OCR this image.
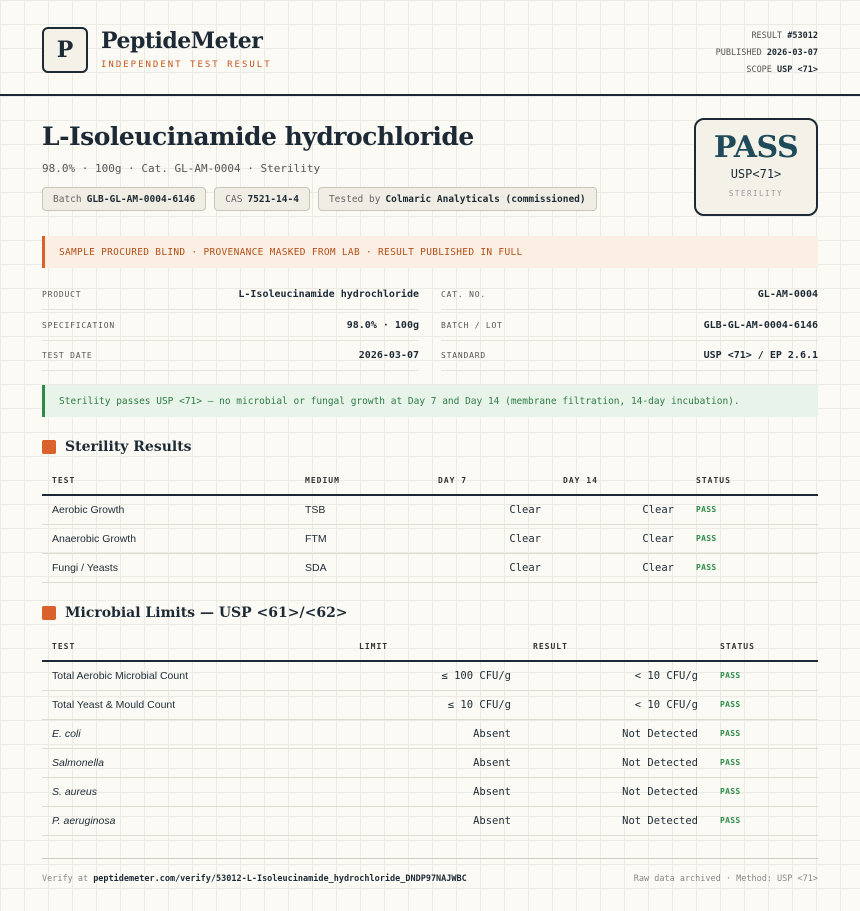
P	PeptideMeter
INDEPENDENT TEST RESULT
RESULT #53012
PUBLISHED 2026-03-07
SCOPE USP <71>
L-Isoleucinamide hydrochloride
98.0% · 100g · Cat. GL-AM-0004 · Sterility
Batch GLB-GL-AM-0004-6146	CAS 7521-14-4	Tested by Colmaric Analyticals (commissioned)
PASS
USP<71>
STERILITY
SAMPLE PROCURED BLIND · PROVENANCE MASKED FROM LAB · RESULT PUBLISHED IN FULL
PRODUCT	L-Isoleucinamide hydrochloride
SPECIFICATION	98.0% · 100g
TEST DATE	2026-03-07
CAT. NO.	GL-AM-0004
BATCH / LOT	GLB-GL-AM-0004-6146
STANDARD	USP <71> / EP 2.6.1
Sterility passes USP <71> — no microbial or fungal growth at Day 7 and Day 14 (membrane filtration, 14-day incubation).
Sterility Results
TEST	MEDIUM	DAY 7	DAY 14	STATUS
Aerobic Growth	TSB	Clear	Clear	PASS
Anaerobic Growth	FTM	Clear	Clear	PASS
Fungi / Yeasts	SDA	Clear	Clear	PASS
Microbial Limits — USP <61>/<62>
TEST	LIMIT	RESULT	STATUS
Total Aerobic Microbial Count	≤ 100 CFU/g	< 10 CFU/g	PASS
Total Yeast & Mould Count	≤ 10 CFU/g	< 10 CFU/g	PASS
E. coli	Absent	Not Detected	PASS
Salmonella	Absent	Not Detected	PASS
S. aureus	Absent	Not Detected	PASS
P. aeruginosa	Absent	Not Detected	PASS
Verify at peptidemeter.com/verify/53012-L-Isoleucinamide_hydrochloride_DNDP97NAJWBC	Raw data archived · Method: USP <71>
